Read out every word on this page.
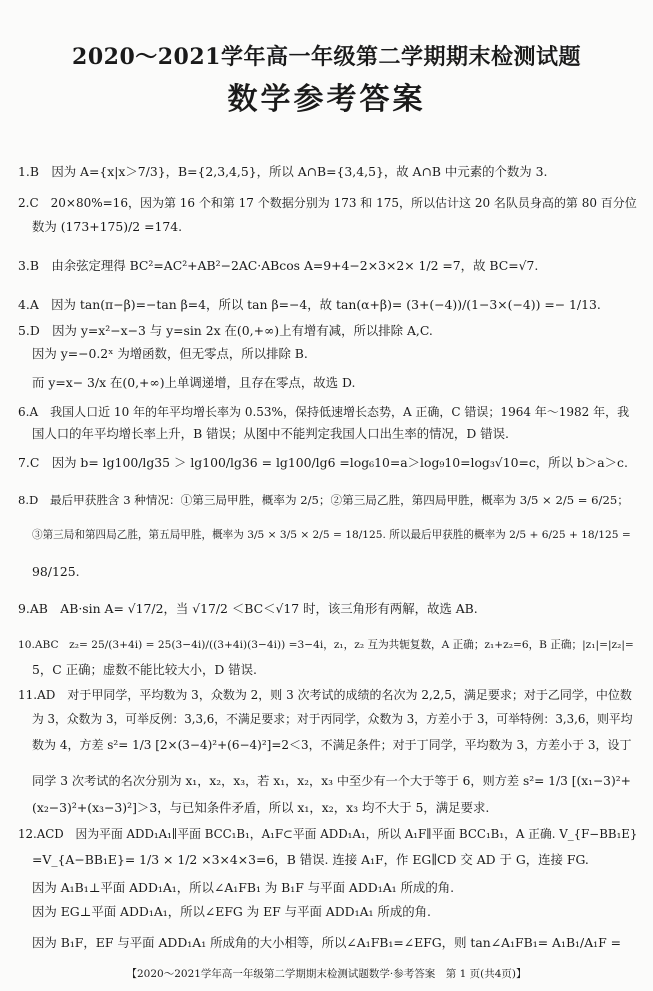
2020～2021学年高一年级第二学期期末检测试题
数学参考答案
1.B　因为 A={x|x＞7/3}，B={2,3,4,5}，所以 A∩B={3,4,5}，故 A∩B 中元素的个数为 3.
2.C　20×80%=16，因为第 16 个和第 17 个数据分别为 173 和 175，所以估计这 20 名队员身高的第 80 百分位
数为 (173+175)/2 =174.
3.B　由余弦定理得 BC²=AC²+AB²−2AC·ABcos A=9+4−2×3×2× 1/2 =7，故 BC=√7.
4.A　因为 tan(π−β)=−tan β=4，所以 tan β=−4，故 tan(α+β)= (3+(−4))/(1−3×(−4)) =− 1/13.
5.D　因为 y=x²−x−3 与 y=sin 2x 在(0,+∞)上有增有减，所以排除 A,C.
因为 y=−0.2ˣ 为增函数，但无零点，所以排除 B.
而 y=x− 3/x 在(0,+∞)上单调递增，且存在零点，故选 D.
6.A　我国人口近 10 年的年平均增长率为 0.53%，保持低速增长态势，A 正确，C 错误；1964 年～1982 年，我
国人口的年平均增长率上升，B 错误；从图中不能判定我国人口出生率的情况，D 错误.
7.C　因为 b= lg100/lg35 ＞ lg100/lg36 = lg100/lg6 =log₆10=a＞log₉10=log₃√10=c，所以 b＞a＞c.
8.D　最后甲获胜含 3 种情况：①第三局甲胜，概率为 2/5；②第三局乙胜，第四局甲胜，概率为 3/5 × 2/5 = 6/25；
③第三局和第四局乙胜，第五局甲胜，概率为 3/5 × 3/5 × 2/5 = 18/125. 所以最后甲获胜的概率为 2/5 + 6/25 + 18/125 =
98/125.
9.AB　AB·sin A= √17/2，当 √17/2 ＜BC＜√17 时，该三角形有两解，故选 AB.
10.ABC　z₂= 25/(3+4i) = 25(3−4i)/((3+4i)(3−4i)) =3−4i，z₁，z₂ 互为共轭复数，A 正确；z₁+z₂=6，B 正确；|z₁|=|z₂|=
5，C 正确；虚数不能比较大小，D 错误.
11.AD　对于甲同学，平均数为 3，众数为 2，则 3 次考试的成绩的名次为 2,2,5，满足要求；对于乙同学，中位数
为 3，众数为 3，可举反例：3,3,6，不满足要求；对于丙同学，众数为 3，方差小于 3，可举特例：3,3,6，则平均
数为 4，方差 s²= 1/3 [2×(3−4)²+(6−4)²]=2＜3，不满足条件；对于丁同学，平均数为 3，方差小于 3，设丁
同学 3 次考试的名次分别为 x₁，x₂，x₃，若 x₁，x₂，x₃ 中至少有一个大于等于 6，则方差 s²= 1/3 [(x₁−3)²+
(x₂−3)²+(x₃−3)²]＞3，与已知条件矛盾，所以 x₁，x₂，x₃ 均不大于 5，满足要求.
12.ACD　因为平面 ADD₁A₁∥平面 BCC₁B₁，A₁F⊂平面 ADD₁A₁，所以 A₁F∥平面 BCC₁B₁，A 正确. V_{F−BB₁E}
=V_{A−BB₁E}= 1/3 × 1/2 ×3×4×3=6，B 错误. 连接 A₁F，作 EG∥CD 交 AD 于 G，连接 FG.
因为 A₁B₁⊥平面 ADD₁A₁，所以∠A₁FB₁ 为 B₁F 与平面 ADD₁A₁ 所成的角.
因为 EG⊥平面 ADD₁A₁，所以∠EFG 为 EF 与平面 ADD₁A₁ 所成的角.
因为 B₁F，EF 与平面 ADD₁A₁ 所成角的大小相等，所以∠A₁FB₁=∠EFG，则 tan∠A₁FB₁= A₁B₁/A₁F =
【2020～2021学年高一年级第二学期期末检测试题数学·参考答案　第 1 页(共4页)】
